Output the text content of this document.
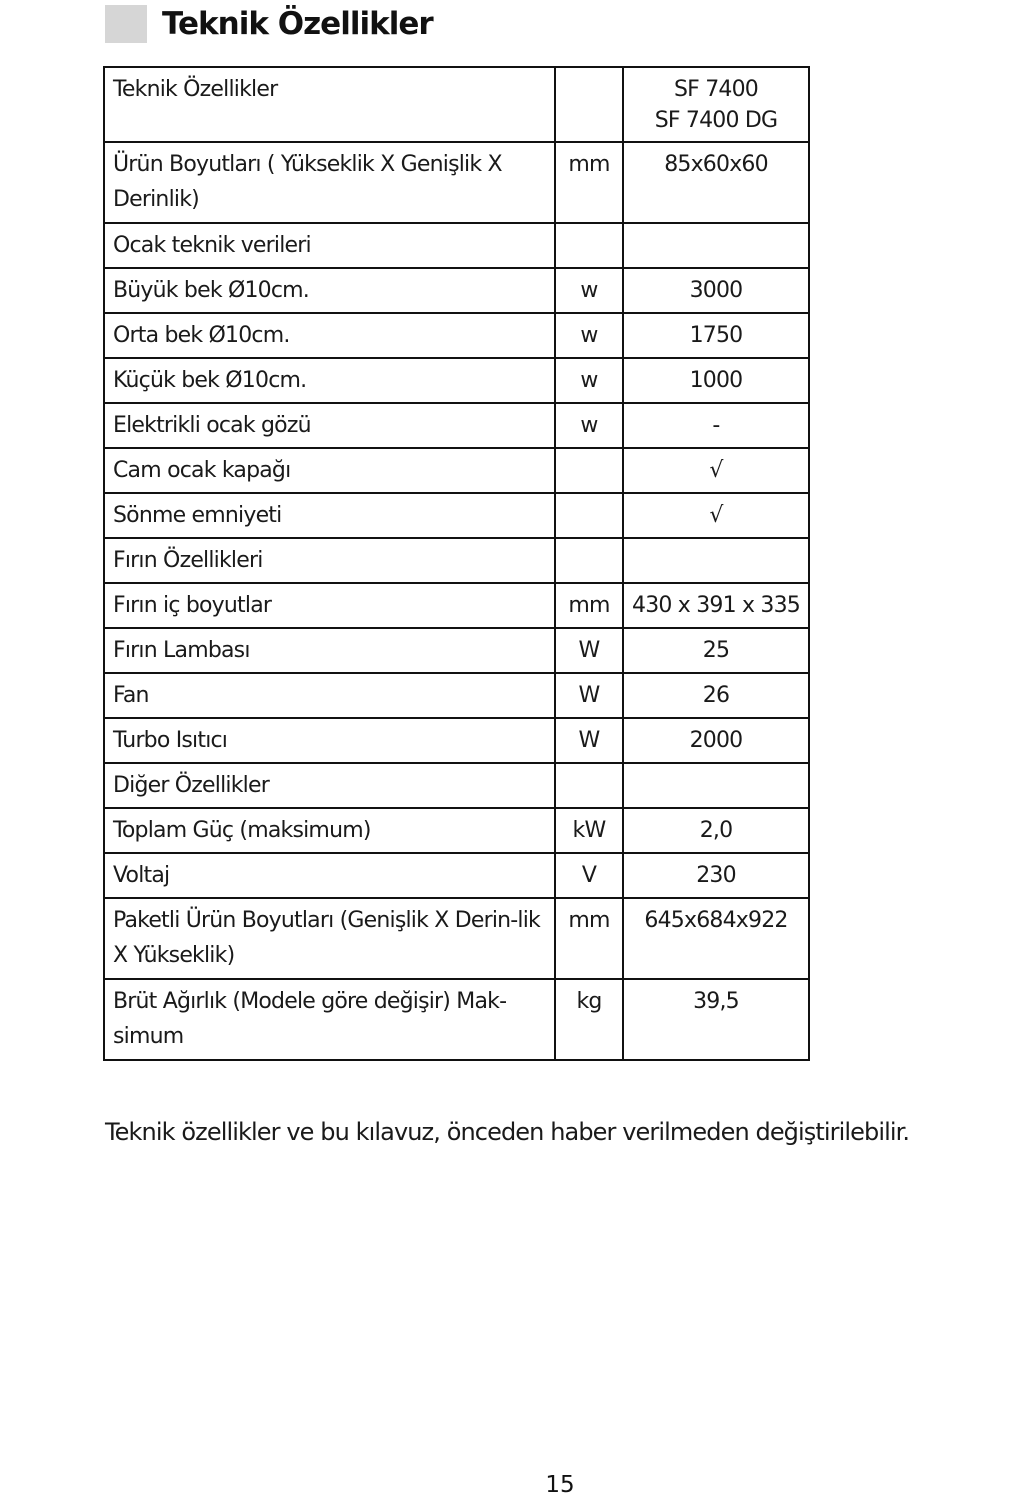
Teknik Özellikler
Teknik Özellikler		SF 7400
SF 7400 DG

Ürün Boyutları ( Yükseklik X Genişlik X Derinlik)	mm	85x60x60
Ocak teknik verileri		
Büyük bek Ø10cm.	w	3000
Orta bek Ø10cm.	w	1750
Küçük bek Ø10cm.	w	1000
Elektrikli ocak gözü	w	-
Cam ocak kapağı		√
Sönme emniyeti		√
Fırın Özellikleri		
Fırın iç boyutlar	mm	430 x 391 x 335
Fırın Lambası	W	25
Fan	W	26
Turbo Isıtıcı	W	2000
Diğer Özellikler		
Toplam Güç (maksimum)	kW	2,0
Voltaj	V	230
Paketli Ürün Boyutları (Genişlik X Derin-lik X Yükseklik)	mm	645x684x922
Brüt Ağırlık (Modele göre değişir) Mak-simum	kg	39,5
Teknik özellikler ve bu kılavuz, önceden haber verilmeden değiştirilebilir.
15
